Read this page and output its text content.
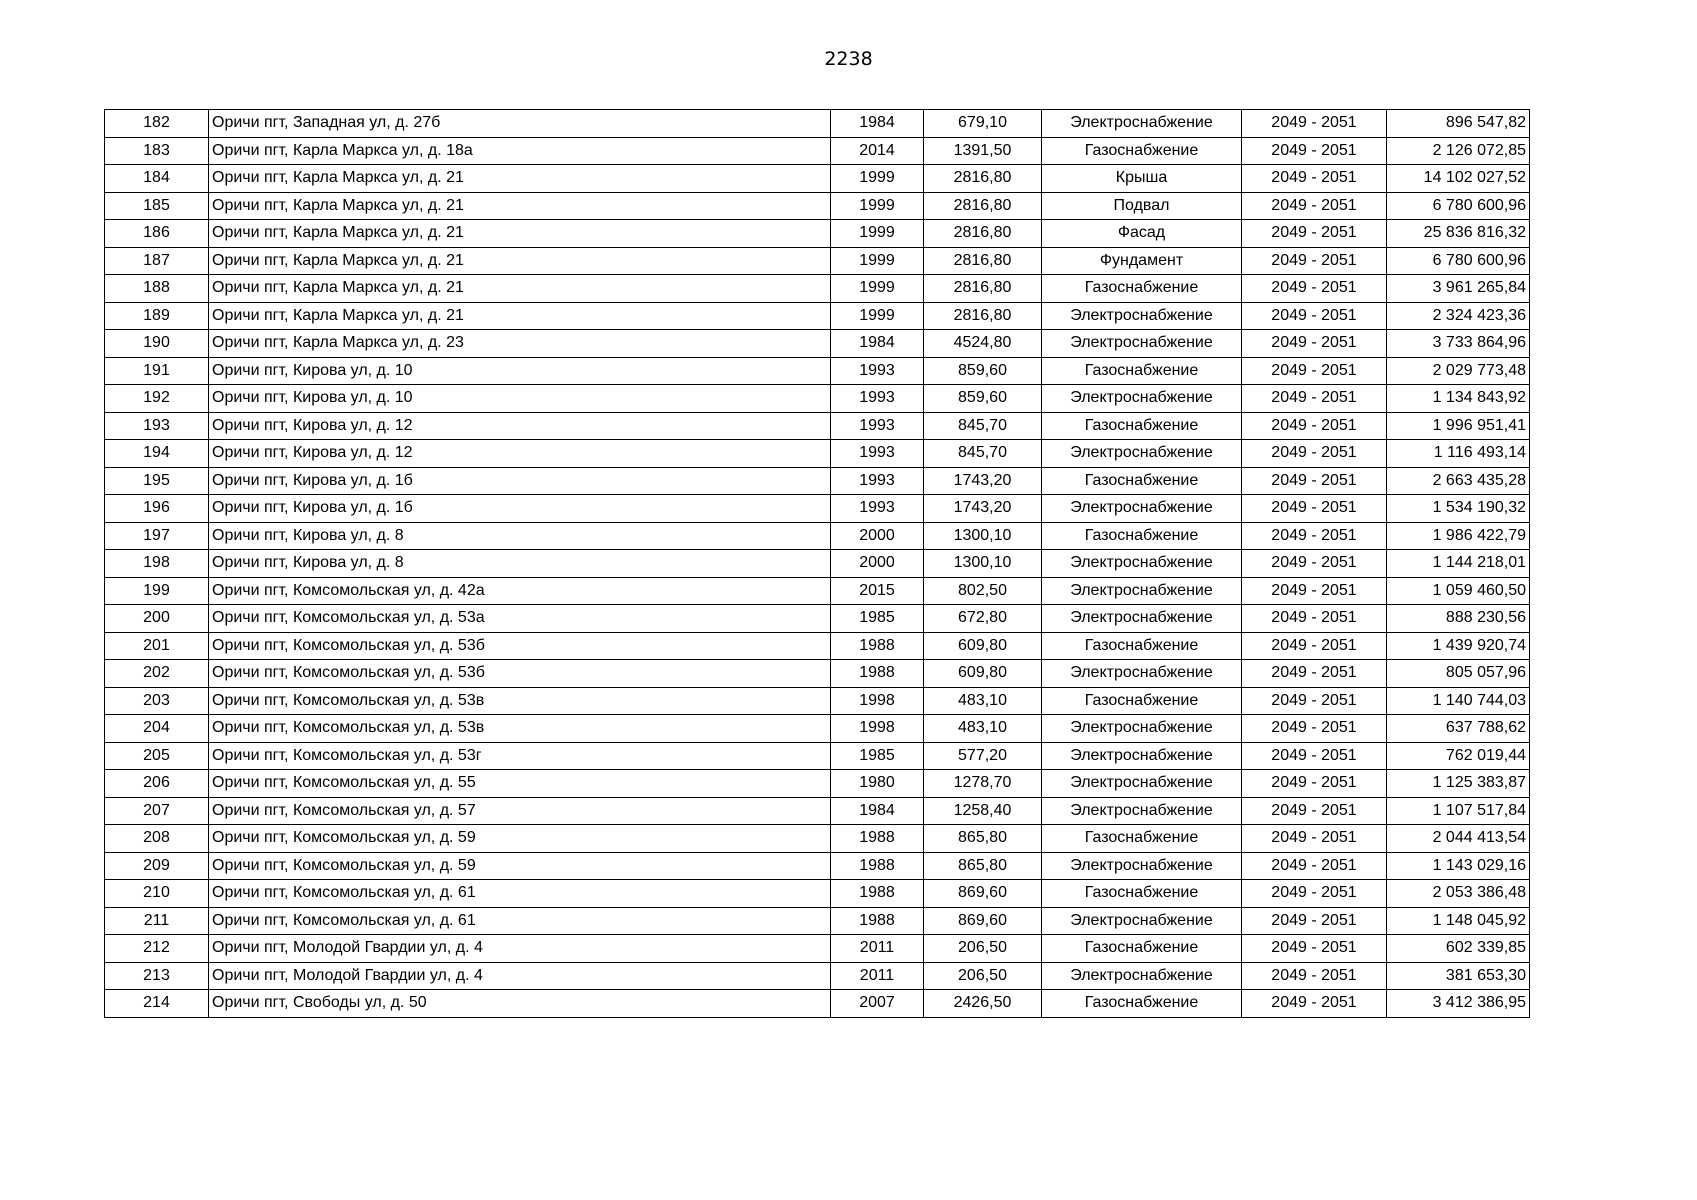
2238
182	Оричи пгт, Западная ул, д. 27б	1984	679,10	Электроснабжение	2049 - 2051	896 547,82
183	Оричи пгт, Карла Маркса ул, д. 18а	2014	1391,50	Газоснабжение	2049 - 2051	2 126 072,85
184	Оричи пгт, Карла Маркса ул, д. 21	1999	2816,80	Крыша	2049 - 2051	14 102 027,52
185	Оричи пгт, Карла Маркса ул, д. 21	1999	2816,80	Подвал	2049 - 2051	6 780 600,96
186	Оричи пгт, Карла Маркса ул, д. 21	1999	2816,80	Фасад	2049 - 2051	25 836 816,32
187	Оричи пгт, Карла Маркса ул, д. 21	1999	2816,80	Фундамент	2049 - 2051	6 780 600,96
188	Оричи пгт, Карла Маркса ул, д. 21	1999	2816,80	Газоснабжение	2049 - 2051	3 961 265,84
189	Оричи пгт, Карла Маркса ул, д. 21	1999	2816,80	Электроснабжение	2049 - 2051	2 324 423,36
190	Оричи пгт, Карла Маркса ул, д. 23	1984	4524,80	Электроснабжение	2049 - 2051	3 733 864,96
191	Оричи пгт, Кирова ул, д. 10	1993	859,60	Газоснабжение	2049 - 2051	2 029 773,48
192	Оричи пгт, Кирова ул, д. 10	1993	859,60	Электроснабжение	2049 - 2051	1 134 843,92
193	Оричи пгт, Кирова ул, д. 12	1993	845,70	Газоснабжение	2049 - 2051	1 996 951,41
194	Оричи пгт, Кирова ул, д. 12	1993	845,70	Электроснабжение	2049 - 2051	1 116 493,14
195	Оричи пгт, Кирова ул, д. 1б	1993	1743,20	Газоснабжение	2049 - 2051	2 663 435,28
196	Оричи пгт, Кирова ул, д. 1б	1993	1743,20	Электроснабжение	2049 - 2051	1 534 190,32
197	Оричи пгт, Кирова ул, д. 8	2000	1300,10	Газоснабжение	2049 - 2051	1 986 422,79
198	Оричи пгт, Кирова ул, д. 8	2000	1300,10	Электроснабжение	2049 - 2051	1 144 218,01
199	Оричи пгт, Комсомольская ул, д. 42а	2015	802,50	Электроснабжение	2049 - 2051	1 059 460,50
200	Оричи пгт, Комсомольская ул, д. 53а	1985	672,80	Электроснабжение	2049 - 2051	888 230,56
201	Оричи пгт, Комсомольская ул, д. 53б	1988	609,80	Газоснабжение	2049 - 2051	1 439 920,74
202	Оричи пгт, Комсомольская ул, д. 53б	1988	609,80	Электроснабжение	2049 - 2051	805 057,96
203	Оричи пгт, Комсомольская ул, д. 53в	1998	483,10	Газоснабжение	2049 - 2051	1 140 744,03
204	Оричи пгт, Комсомольская ул, д. 53в	1998	483,10	Электроснабжение	2049 - 2051	637 788,62
205	Оричи пгт, Комсомольская ул, д. 53г	1985	577,20	Электроснабжение	2049 - 2051	762 019,44
206	Оричи пгт, Комсомольская ул, д. 55	1980	1278,70	Электроснабжение	2049 - 2051	1 125 383,87
207	Оричи пгт, Комсомольская ул, д. 57	1984	1258,40	Электроснабжение	2049 - 2051	1 107 517,84
208	Оричи пгт, Комсомольская ул, д. 59	1988	865,80	Газоснабжение	2049 - 2051	2 044 413,54
209	Оричи пгт, Комсомольская ул, д. 59	1988	865,80	Электроснабжение	2049 - 2051	1 143 029,16
210	Оричи пгт, Комсомольская ул, д. 61	1988	869,60	Газоснабжение	2049 - 2051	2 053 386,48
211	Оричи пгт, Комсомольская ул, д. 61	1988	869,60	Электроснабжение	2049 - 2051	1 148 045,92
212	Оричи пгт, Молодой Гвардии ул, д. 4	2011	206,50	Газоснабжение	2049 - 2051	602 339,85
213	Оричи пгт, Молодой Гвардии ул, д. 4	2011	206,50	Электроснабжение	2049 - 2051	381 653,30
214	Оричи пгт, Свободы ул, д. 50	2007	2426,50	Газоснабжение	2049 - 2051	3 412 386,95
